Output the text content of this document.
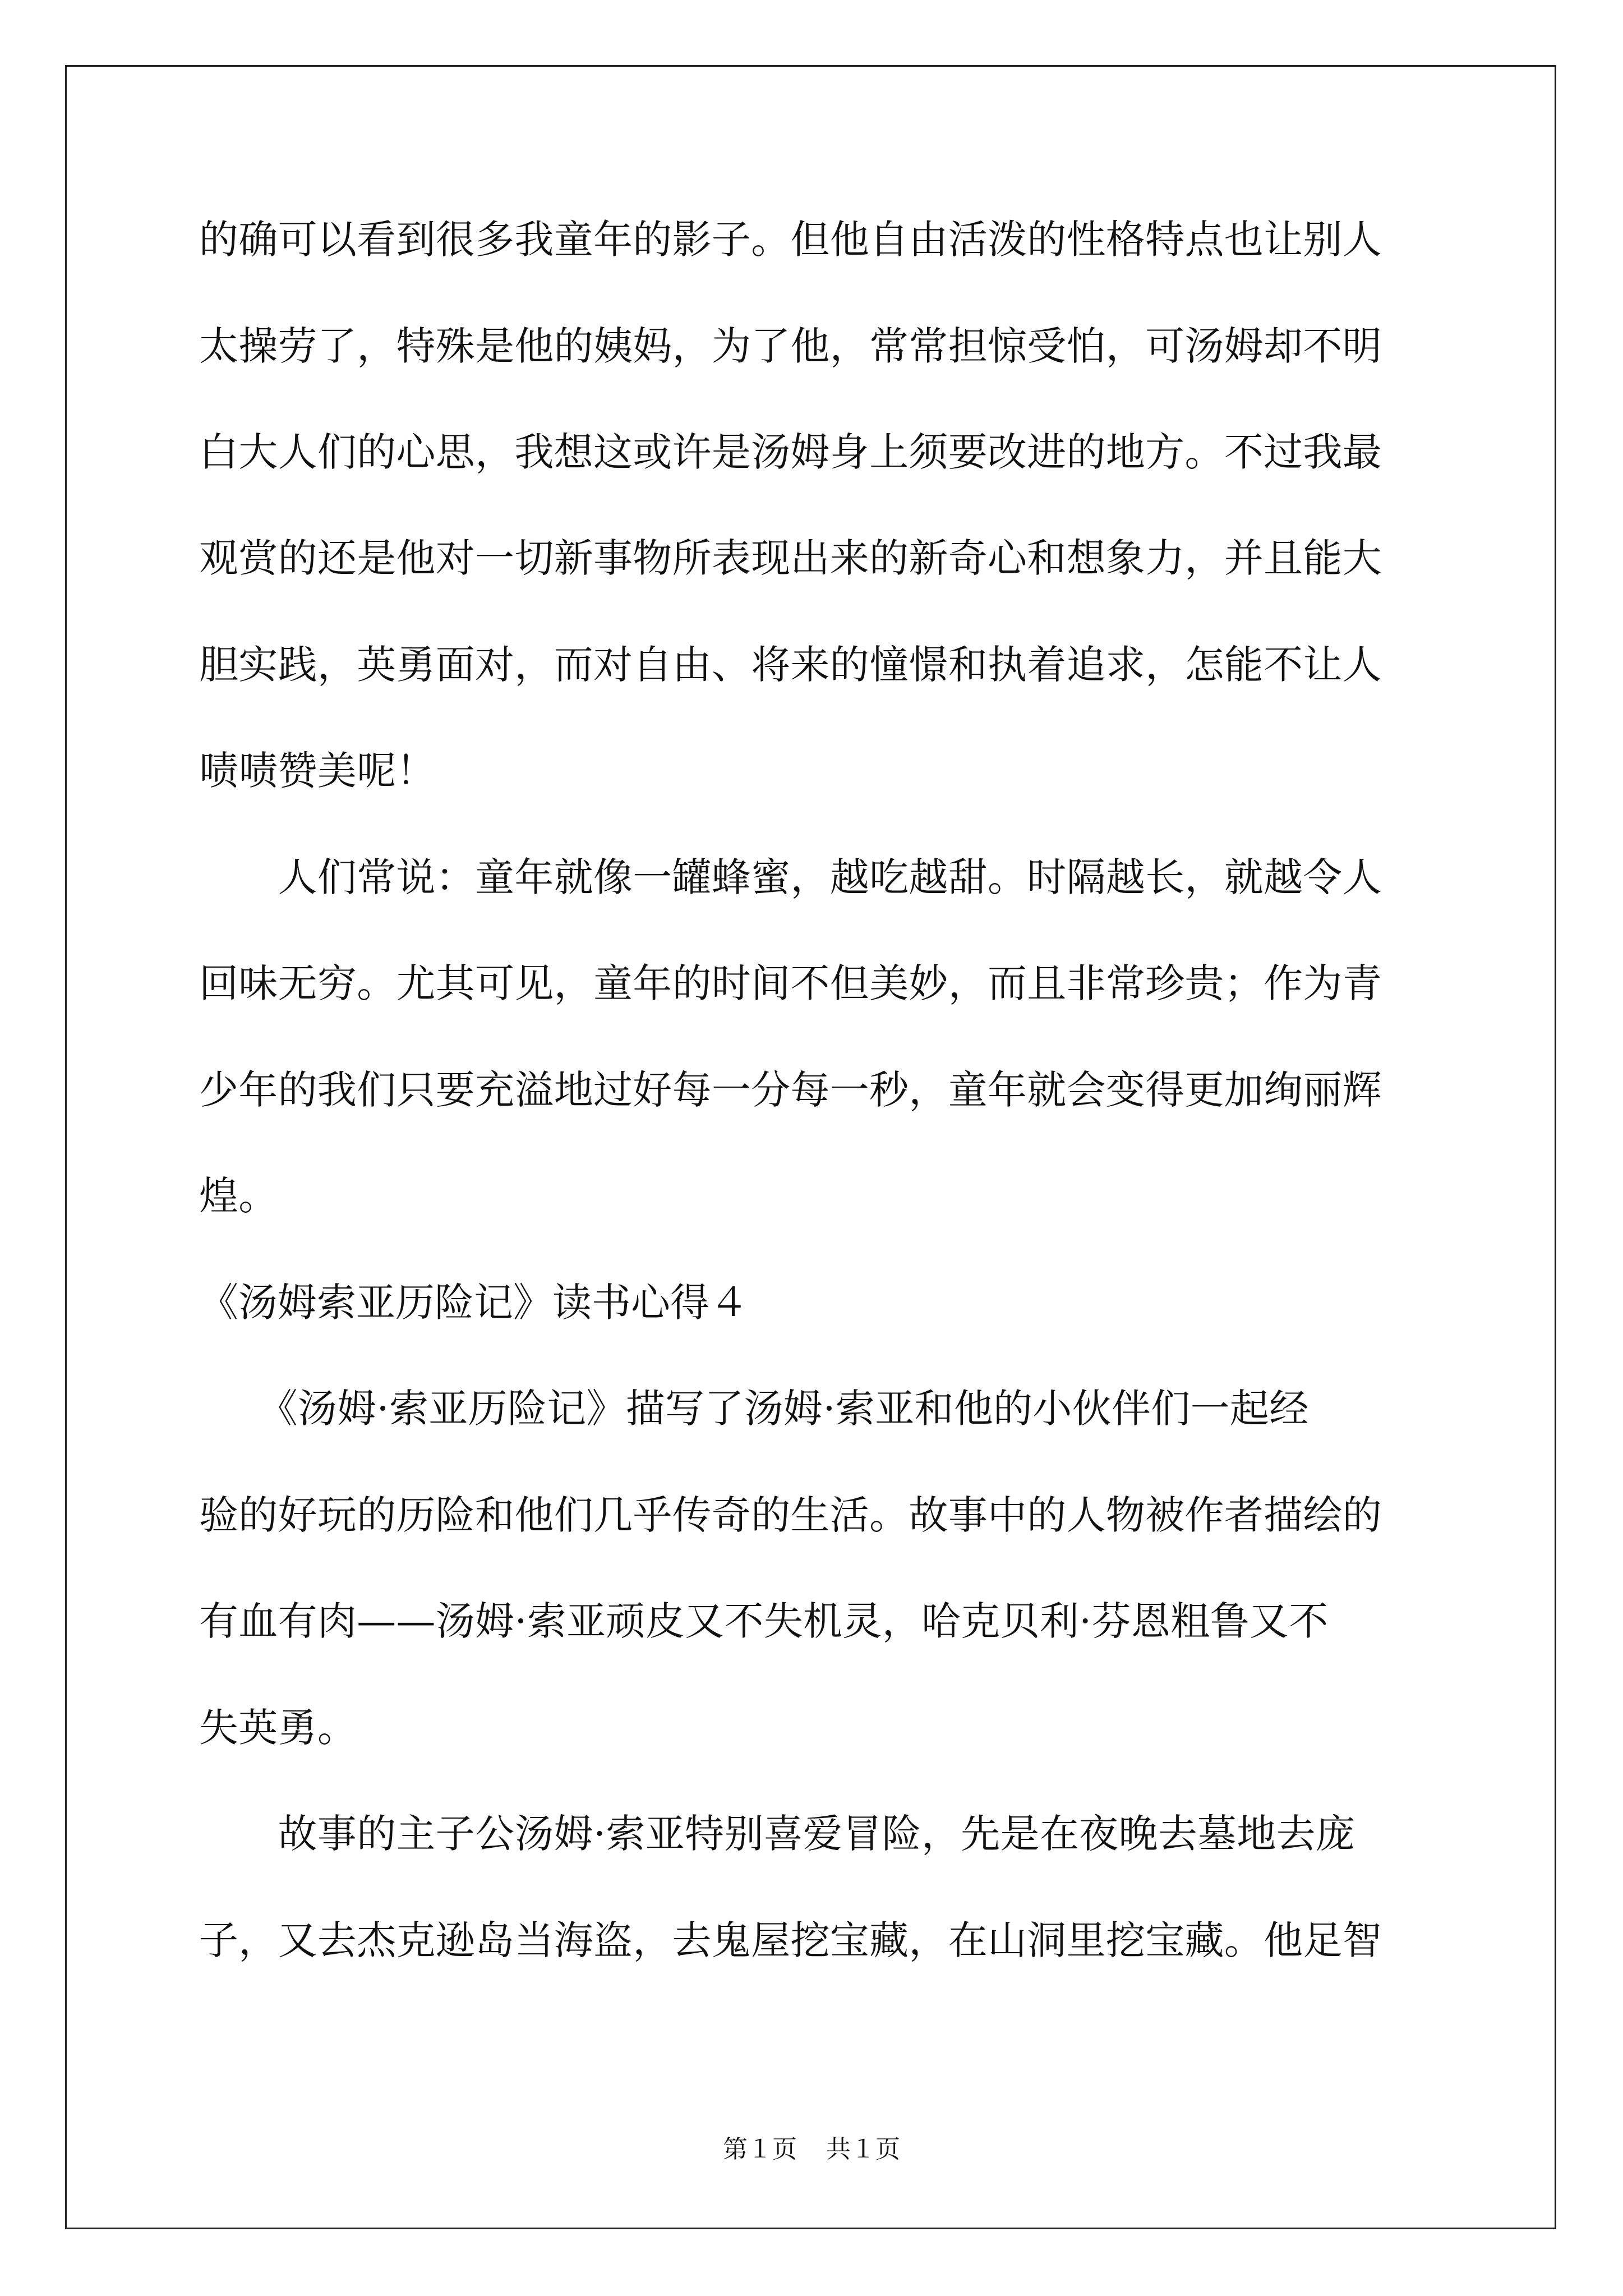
的确可以看到很多我童年的影子。但他自由活泼的性格特点也让别人
太操劳了，特殊是他的姨妈，为了他，常常担惊受怕，可汤姆却不明
白大人们的心思，我想这或许是汤姆身上须要改进的地方。不过我最
观赏的还是他对一切新事物所表现出来的新奇心和想象力，并且能大
胆实践，英勇面对，而对自由、将来的憧憬和执着追求，怎能不让人
啧啧赞美呢！
　　人们常说：童年就像一罐蜂蜜，越吃越甜。时隔越长，就越令人
回味无穷。尤其可见，童年的时间不但美妙，而且非常珍贵；作为青
少年的我们只要充溢地过好每一分每一秒，童年就会变得更加绚丽辉
煌。
《汤姆索亚历险记》读书心得４
　　《汤姆·索亚历险记》描写了汤姆·索亚和他的小伙伴们一起经
验的好玩的历险和他们几乎传奇的生活。故事中的人物被作者描绘的
有血有肉——汤姆·索亚顽皮又不失机灵，哈克贝利·芬恩粗鲁又不
失英勇。
　　故事的主子公汤姆·索亚特别喜爱冒险，先是在夜晚去墓地去庞
子，又去杰克逊岛当海盗，去鬼屋挖宝藏，在山洞里挖宝藏。他足智
第１页 共１页
